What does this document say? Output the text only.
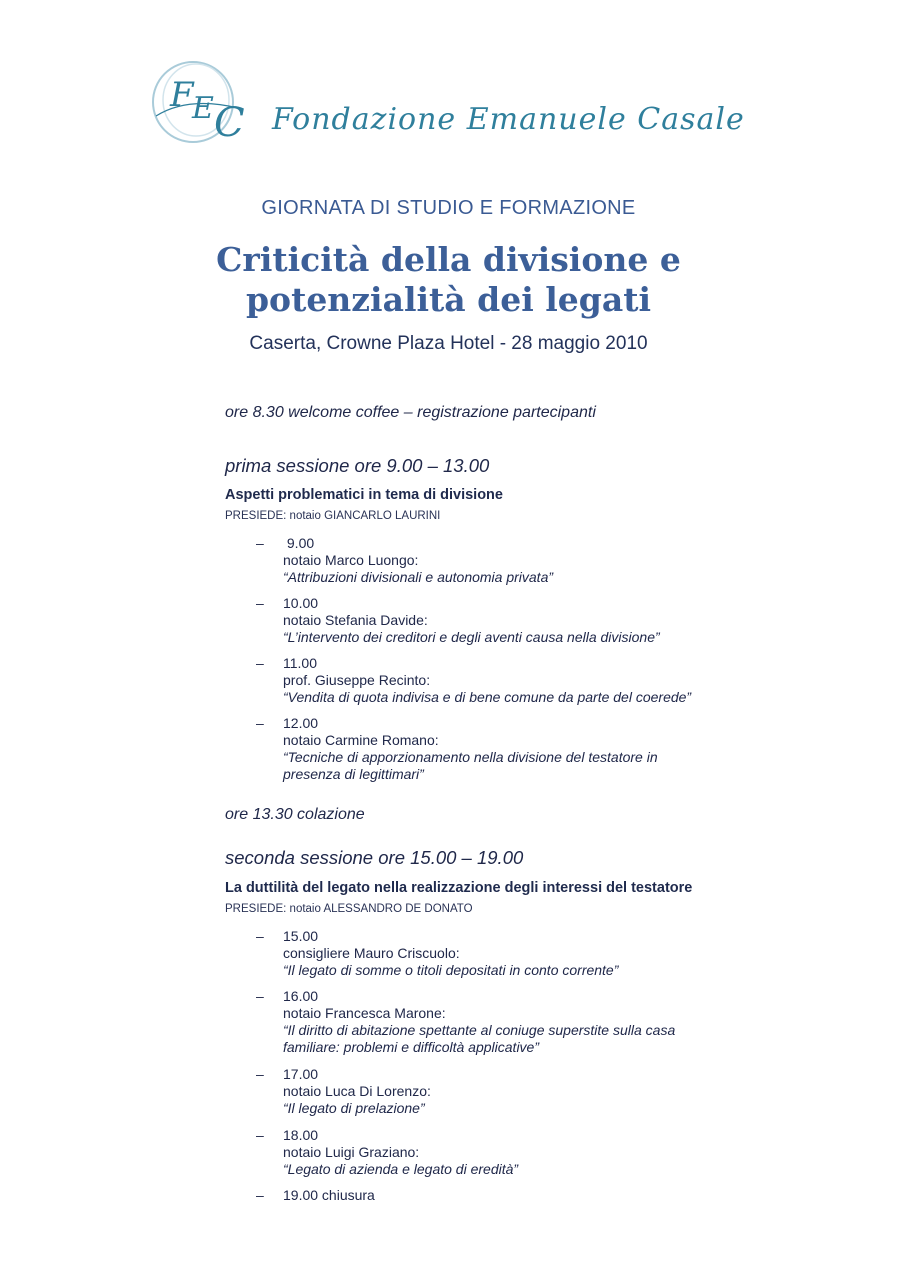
F
E C Fondazione Emanuele Casale
GIORNATA DI STUDIO E FORMAZIONE
Criticità della divisione e
potenzialità dei legati
Caserta, Crowne Plaza Hotel - 28 maggio 2010
ore 8.30 welcome coffee – registrazione partecipanti
prima sessione ore 9.00 – 13.00
Aspetti problematici in tema di divisione
PRESIEDE: notaio GIANCARLO LAURINI
– 9.00
notaio Marco Luongo:
“Attribuzioni divisionali e autonomia privata”
– 10.00
notaio Stefania Davide:
“L’intervento dei creditori e degli aventi causa nella divisione”
– 11.00
prof. Giuseppe Recinto:
“Vendita di quota indivisa e di bene comune da parte del coerede”
– 12.00
notaio Carmine Romano:
“Tecniche di apporzionamento nella divisione del testatore in presenza di legittimari”
ore 13.30 colazione
seconda sessione ore 15.00 – 19.00
La duttilità del legato nella realizzazione degli interessi del testatore
PRESIEDE: notaio ALESSANDRO DE DONATO
– 15.00
consigliere Mauro Criscuolo:
“Il legato di somme o titoli depositati in conto corrente”
– 16.00
notaio Francesca Marone:
“Il diritto di abitazione spettante al coniuge superstite sulla casa familiare: problemi e difficoltà applicative”
– 17.00
notaio Luca Di Lorenzo:
“Il legato di prelazione”
– 18.00
notaio Luigi Graziano:
“Legato di azienda e legato di eredità”
– 19.00 chiusura
